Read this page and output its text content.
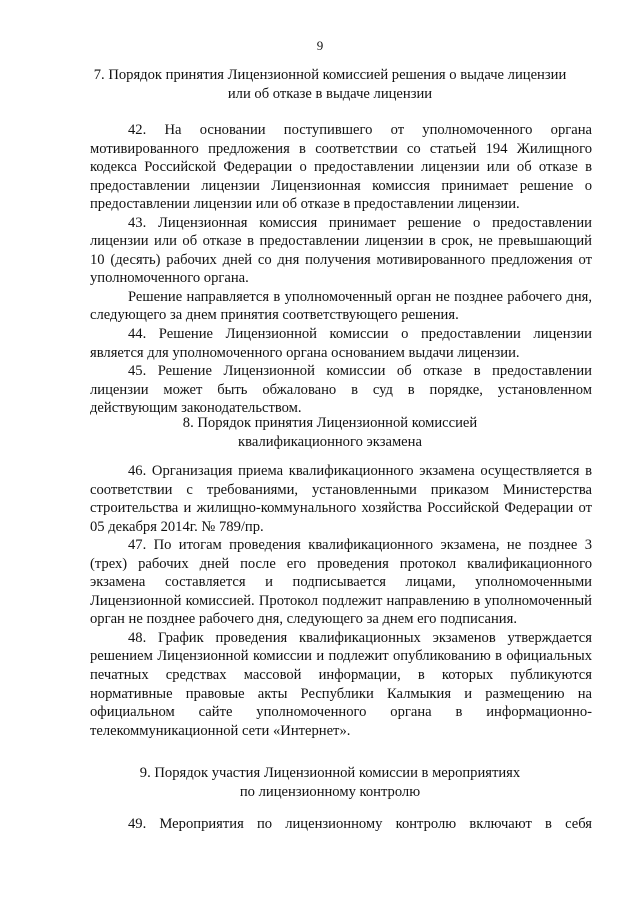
9
7. Порядок принятия Лицензионной комиссией решения о выдаче лицензии
или об отказе в выдаче лицензии

42. На основании поступившего от уполномоченного органа мотивированного предложения в соответствии со статьей 194 Жилищного кодекса Российской Федерации о предоставлении лицензии или об отказе в предоставлении лицензии Лицензионная комиссия принимает решение о предоставлении лицензии или об отказе в предоставлении лицензии.

43. Лицензионная комиссия принимает решение о предоставлении лицензии или об отказе в предоставлении лицензии в срок, не превышающий 10 (десять) рабочих дней со дня получения мотивированного предложения от уполномоченного органа.

Решение направляется в уполномоченный орган не позднее рабочего дня, следующего за днем принятия соответствующего решения.

44. Решение Лицензионной комиссии о предоставлении лицензии является для уполномоченного органа основанием выдачи лицензии.

45. Решение Лицензионной комиссии об отказе в предоставлении лицензии может быть обжаловано в суд в порядке, установленном действующим законодательством.

8. Порядок принятия Лицензионной комиссией
квалификационного экзамена

46. Организация приема квалификационного экзамена осуществляется в соответствии с требованиями, установленными приказом Министерства строительства и жилищно-коммунального хозяйства Российской Федерации от 05 декабря 2014г. № 789/пр.

47. По итогам проведения квалификационного экзамена, не позднее 3 (трех) рабочих дней после его проведения протокол квалификационного экзамена составляется и подписывается лицами, уполномоченными Лицензионной комиссией. Протокол подлежит направлению в уполномоченный орган не позднее рабочего дня, следующего за днем его подписания.

48. График проведения квалификационных экзаменов утверждается решением Лицензионной комиссии и подлежит опубликованию в официальных печатных средствах массовой информации, в которых публикуются нормативные правовые акты Республики Калмыкия и размещению на официальном сайте уполномоченного органа в информационно-телекоммуникационной сети «Интернет».

9. Порядок участия Лицензионной комиссии в мероприятиях
по лицензионному контролю

49. Мероприятия по лицензионному контролю включают в себя
